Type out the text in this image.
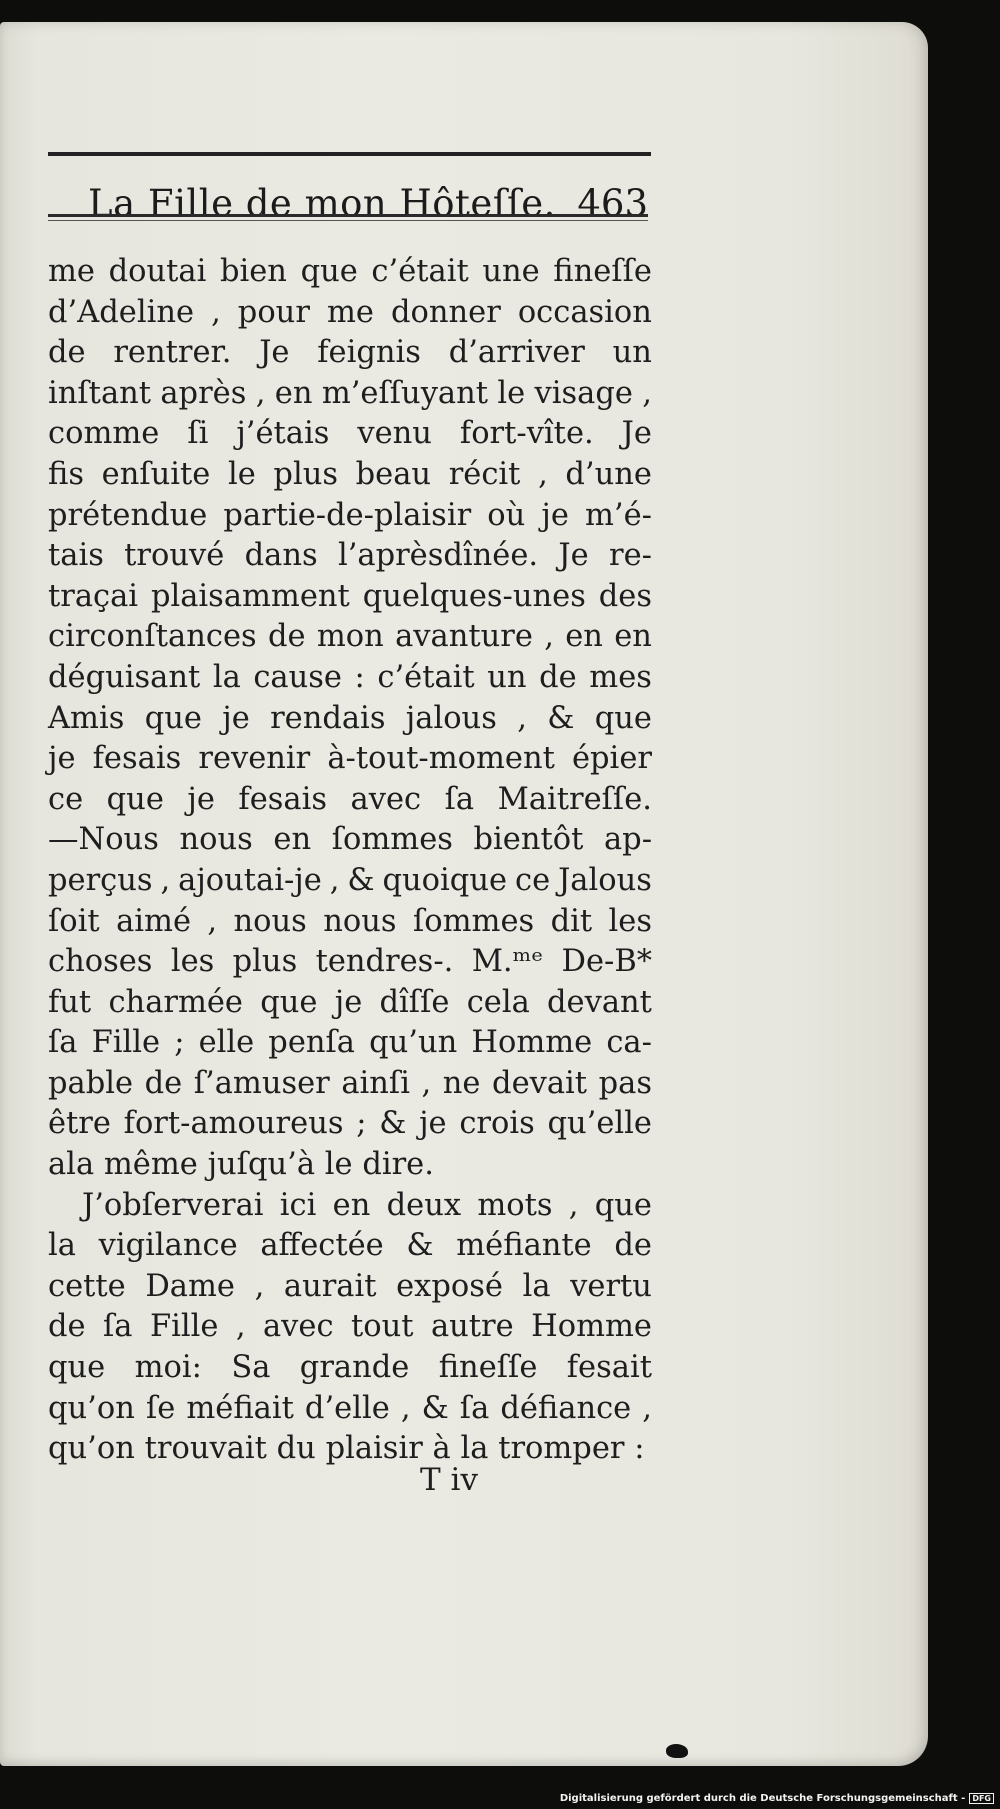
La Fille de mon Hôteſſe. 463
me doutai bien que c’était une fineſſe
d’Adeline , pour me donner occasion
de rentrer. Je feignis d’arriver un
inſtant après , en m’eſſuyant le visage ,
comme ſi j’étais venu fort-vîte. Je
fis enſuite le plus beau récit , d’une
prétendue partie-de-plaisir où je m’é-
tais trouvé dans l’aprèsdînée. Je re-
traçai plaisamment quelques-unes des
circonſtances de mon avanture , en en
déguisant la cause : c’était un de mes
Amis que je rendais jalous , & que
je fesais revenir à-tout-moment épier
ce que je fesais avec ſa Maitreſſe.
—Nous nous en ſommes bientôt ap-
perçus , ajoutai-je , & quoique ce Jalous
ſoit aimé , nous nous ſommes dit les
choses les plus tendres-. M.ᵐᵉ De-B*
fut charmée que je dîſſe cela devant
ſa Fille ; elle penſa qu’un Homme ca-
pable de ſ’amuser ainſi , ne devait pas
être fort-amoureus ; & je crois qu’elle
ala même juſqu’à le dire.
J’obſerverai ici en deux mots , que
la vigilance affectée & méfiante de
cette Dame , aurait exposé la vertu
de ſa Fille , avec tout autre Homme
que moi: Sa grande fineſſe fesait
qu’on ſe méfiait d’elle , & ſa défiance ,
qu’on trouvait du plaisir à la tromper :
T iv
Digitalisierung gefördert durch die Deutsche Forschungsgemeinschaft - DFG
